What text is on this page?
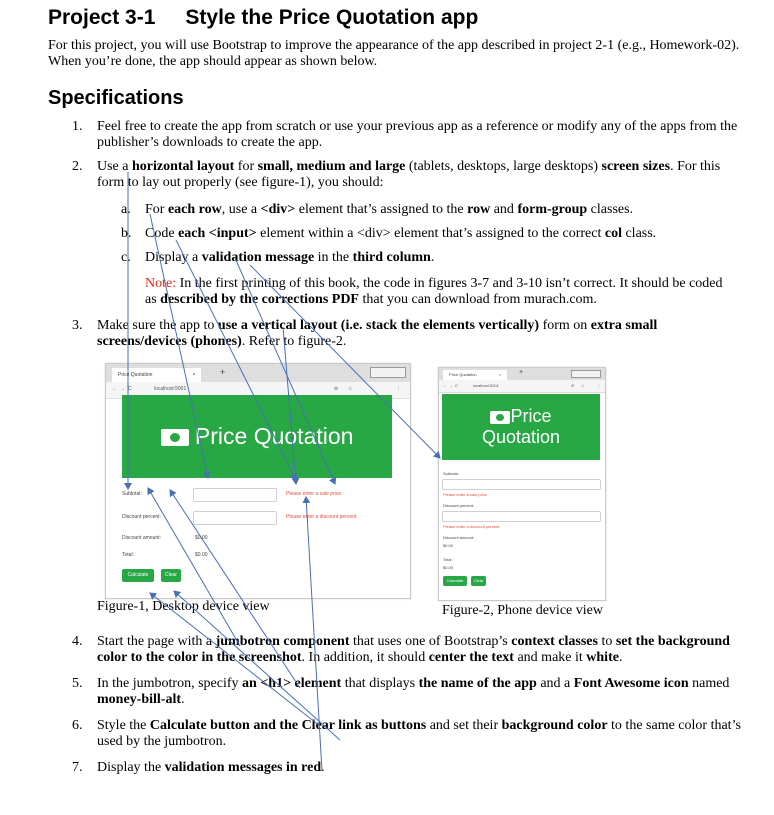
Project 3-1 Style the Price Quotation app
For this project, you will use Bootstrap to improve the appearance of the app described in project 2-1 (e.g., Homework-02). When you’re done, the app should appear as shown below.
Specifications
1. Feel free to create the app from scratch or use your previous app as a reference or modify any of the apps from the publisher’s downloads to create the app.
2. Use a horizontal layout for small, medium and large (tablets, desktops, large desktops) screen sizes. For this form to lay out properly (see figure-1), you should:
a. For each row, use a <div> element that’s assigned to the row and form-group classes.
b. Code each <input> element within a <div> element that’s assigned to the correct col class.
c. Display a validation message in the third column.
Note: In the first printing of this book, the code in figures 3-7 and 3-10 isn’t correct. It should be coded as described by the corrections PDF that you can download from murach.com.
3. Make sure the app to use a vertical layout (i.e. stack the elements vertically) form on extra small screens/devices (phones). Refer to figure-2.
Price Quotation	×	+
←→C	localhost:5001	⊖ ☆	⋮
Price Quotation
Subtotal:	Please enter a sale price.
Discount percent:	Please enter a discount percent.
Discount amount:	$0.00
Total:	$0.00
Calculate	Clear
Figure-1, Desktop device view
Price Quotation	×	+
←→C	localhost:5001	⊖ ☆	⋮
Price
Quotation
Subtotal:
Please enter a sale price.
Discount percent:
Please enter a discount percent.
Discount amount:
$0.00
Total:
$0.00
Calculate	Clear
Figure-2, Phone device view
4. Start the page with a jumbotron component that uses one of Bootstrap’s context classes to set the background color to the color in the screenshot. In addition, it should center the text and make it white.
5. In the jumbotron, specify an <h1> element that displays the name of the app and a Font Awesome icon named money-bill-alt.
6. Style the Calculate button and the Clear link as buttons and set their background color to the same color that’s used by the jumbotron.
7. Display the validation messages in red.
